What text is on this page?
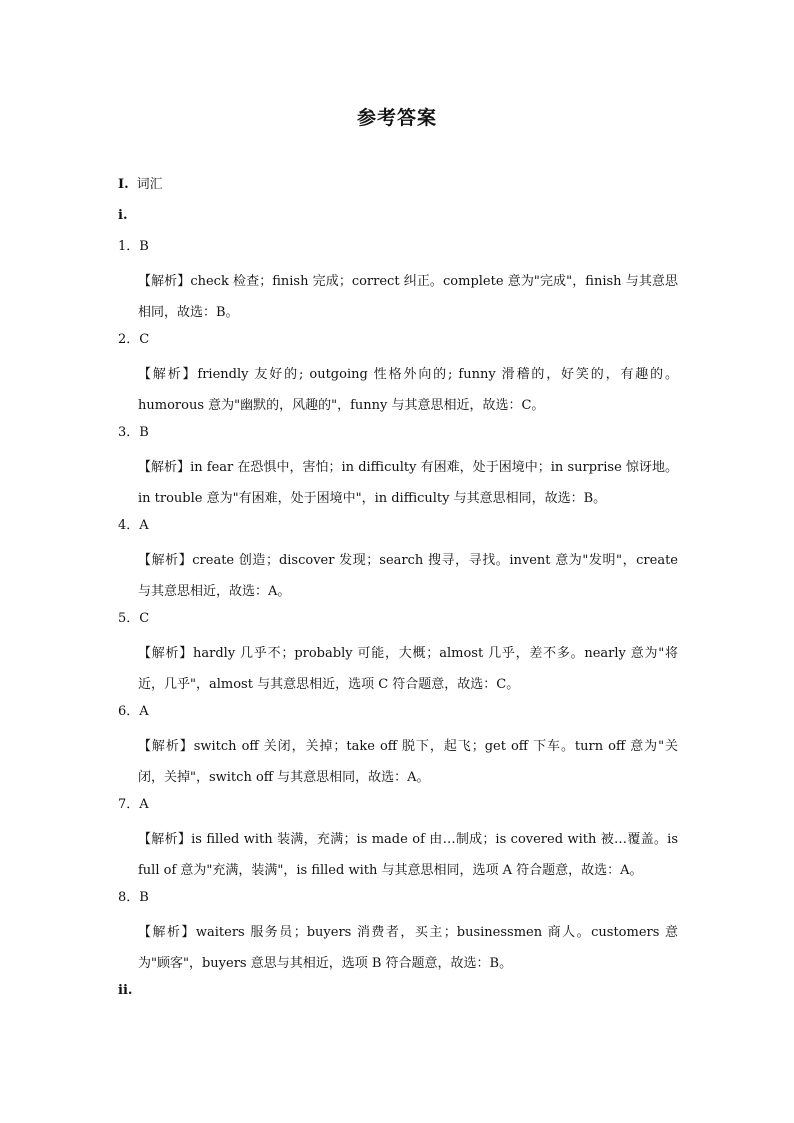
参考答案
I. 词汇
i.
1．B
【解析】check 检查；finish 完成；correct 纠正。complete 意为"完成"，finish 与其意思相同，故选：B。
2．C
【解析】friendly 友好的; outgoing 性格外向的; funny 滑稽的，好笑的，有趣的。humorous 意为"幽默的，风趣的"，funny 与其意思相近，故选：C。
3．B
【解析】in fear 在恐惧中，害怕；in difficulty 有困难，处于困境中；in surprise 惊讶地。in trouble 意为"有困难，处于困境中"，in difficulty 与其意思相同，故选：B。
4．A
【解析】create 创造；discover 发现；search 搜寻，寻找。invent 意为"发明"，create 与其意思相近，故选：A。
5．C
【解析】hardly 几乎不；probably 可能，大概；almost 几乎，差不多。nearly 意为"将近，几乎"，almost 与其意思相近，选项 C 符合题意，故选：C。
6．A
【解析】switch off 关闭，关掉；take off 脱下，起飞；get off 下车。turn off 意为"关闭，关掉"，switch off 与其意思相同，故选：A。
7．A
【解析】is filled with 装满，充满；is made of 由…制成；is covered with 被…覆盖。is full of 意为"充满，装满"，is filled with 与其意思相同，选项 A 符合题意，故选：A。
8．B
【解析】waiters 服务员；buyers 消费者，买主；businessmen 商人。customers 意为"顾客"，buyers 意思与其相近，选项 B 符合题意，故选：B。
ii.
